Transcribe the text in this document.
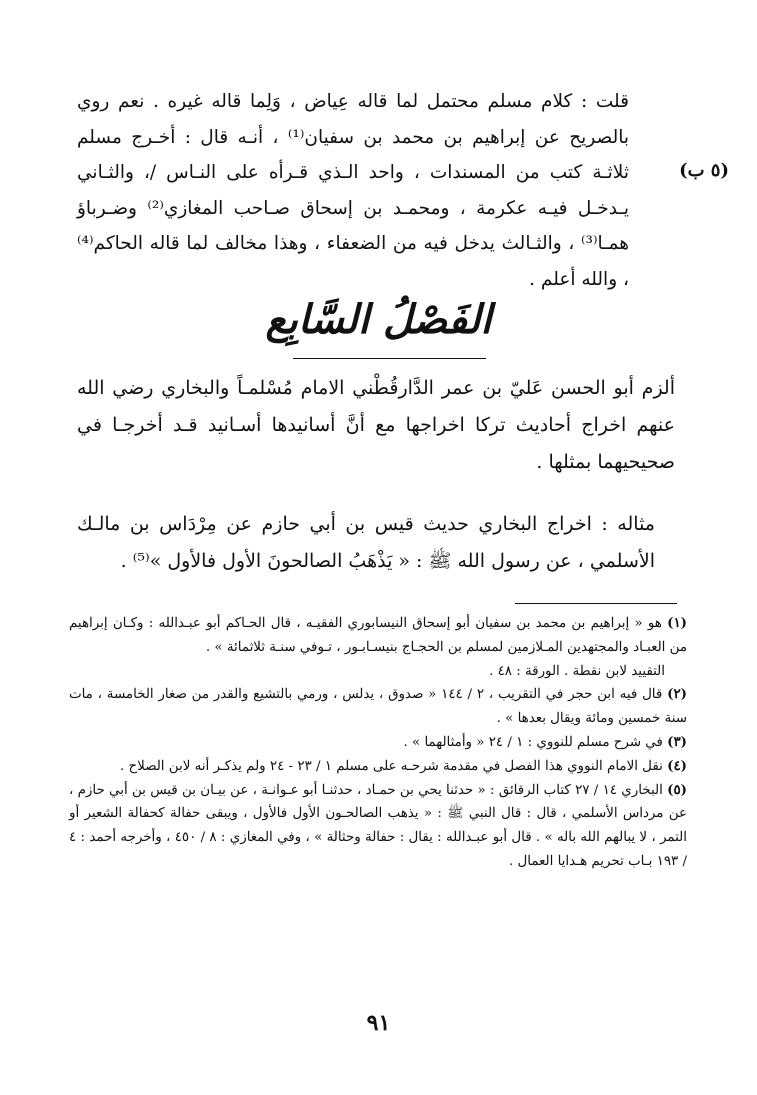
قلت : كلام مسلم محتمل لما قاله عِياض ، وَلِما قاله غيره . نعم روي بالصريح عن إبراهيم بن محمد بن سفيان⁽¹⁾ ، أنـه قال : أخـرج مسلم ثلاثـة كتب من المسندات ، واحد الـذي قـرأه على النـاس /، والثـاني يـدخـل فيـه عكرمة ، ومحمـد بن إسحاق صـاحب المغازي⁽²⁾ وضـرباؤ همـا⁽³⁾ ، والثـالث يدخل فيه من الضعفاء ، وهذا مخالف لما قاله الحاكم⁽⁴⁾ ، والله أعلم .

(٥ ب)
الفَصْلُ السَّابِع

ألزم أبو الحسن عَليّ بن عمر الدَّارقُطْني الامام مُسْلمـاً والبخاري رضي الله عنهم اخراج أحاديث تركا اخراجها مع أنَّ أسانيدها أسـانيد قـد أخرجـا في صحيحيهما بمثلها .

مثاله : اخراج البخاري حديث قيس بن أبي حازم عن مِرْدَاس بن مالـك الأسلمي ، عن رسول الله ﷺ : « يَذْهَبُ الصالحونَ الأول فالأول »⁽⁵⁾ .

(١) هو « إبراهيم بن محمد بن سفيان أبو إسحاق النيسابوري الفقيـه ، قال الحـاكم أبو عبـدالله : وكـان إبراهيم من العبـاد والمجتهدين المـلازمين لمسلم بن الحجـاج بنيسـابـور ، تـوفي سنـة ثلاثمائة » .

التقييد لابن نقطة . الورقة : ٤٨ .

(٢) قال فيه ابن حجر في التقريب ، ٢ / ١٤٤ « صدوق ، يدلس ، ورمي بالتشيع والقدر من صغار الخامسة ، مات سنة خمسين ومائة ويقال بعدها » .

(٣) في شرح مسلم للنووي : ١ / ٢٤ « وأمثالهما » .

(٤) نقل الامام النووي هذا الفصل في مقدمة شرحـه على مسلم ١ / ٢٣ - ٢٤ ولم يذكـر أنه لابن الصلاح .

(٥) البخاري ١٤ / ٢٧ كتاب الرقائق : « حدثنا يحي بن حمـاد ، حدثنـا أبو عـوانـة ، عن بيـان بن قيس بن أبي حازم ، عن مرداس الأسلمي ، قال : قال النبي ﷺ : « يذهب الصالحـون الأول فالأول ، ويبقى حفالة كحفالة الشعير أو التمر ، لا يبالهم الله باله » . قال أبو عبـدالله : يقال : حفالة وحثالة » ، وفي المغازي : ٨ / ٤٥٠ ، وأخرجه أحمد : ٤ / ١٩٣ بـاب تحريم هـدايا العمال .

٩١
